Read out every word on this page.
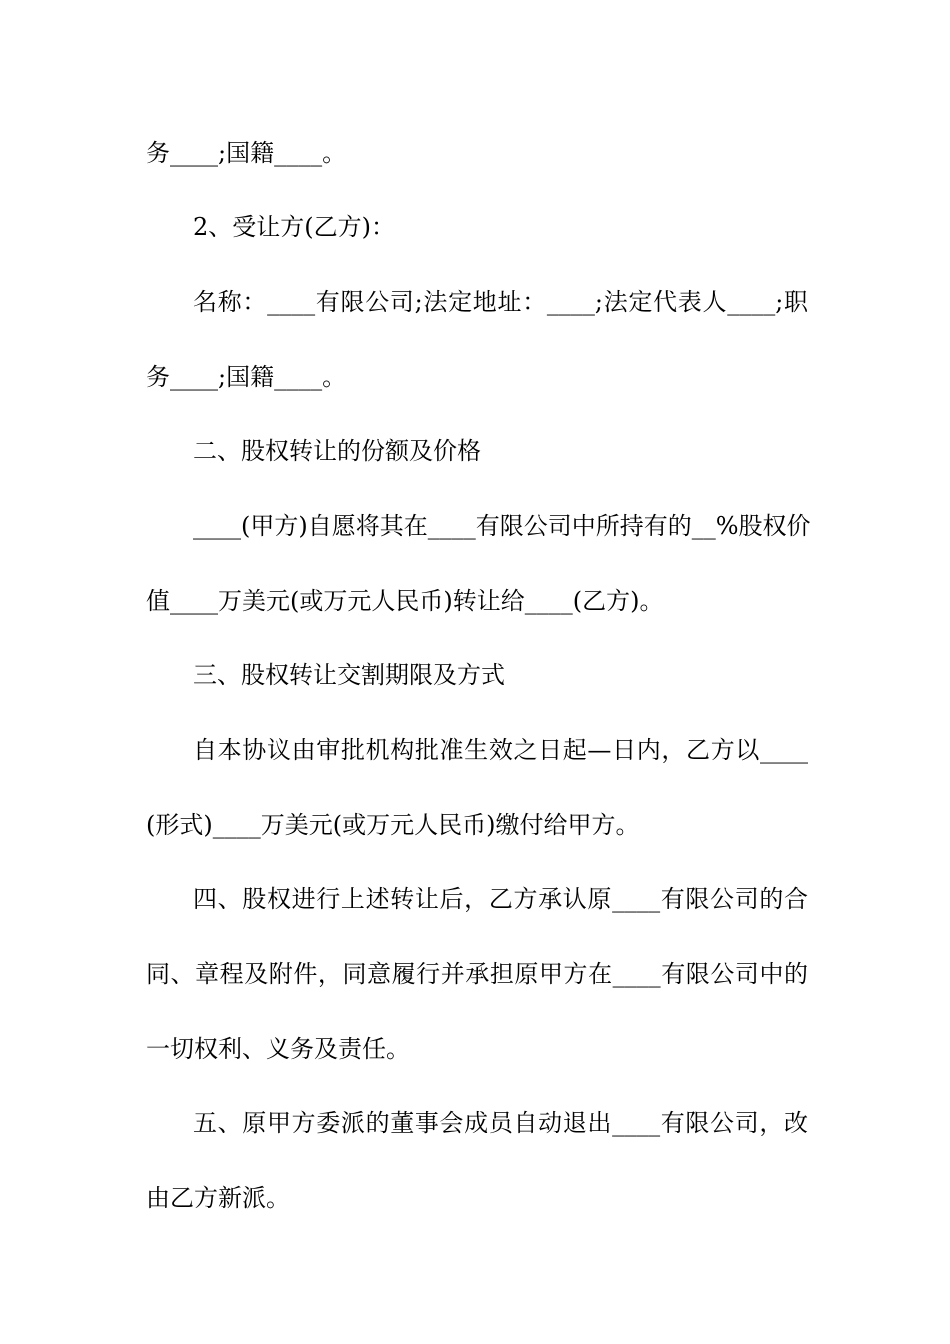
务____;国籍____。
2、受让方(乙方)：
名称：____有限公司;法定地址：____;法定代表人____;职
务____;国籍____。
二、股权转让的份额及价格
____(甲方)自愿将其在____有限公司中所持有的__%股权价
值____万美元(或万元人民币)转让给____(乙方)。
三、股权转让交割期限及方式
自本协议由审批机构批准生效之日起—日内，乙方以____
(形式)____万美元(或万元人民币)缴付给甲方。
四、股权进行上述转让后，乙方承认原____有限公司的合
同、章程及附件，同意履行并承担原甲方在____有限公司中的
一切权利、义务及责任。
五、原甲方委派的董事会成员自动退出____有限公司，改
由乙方新派。
